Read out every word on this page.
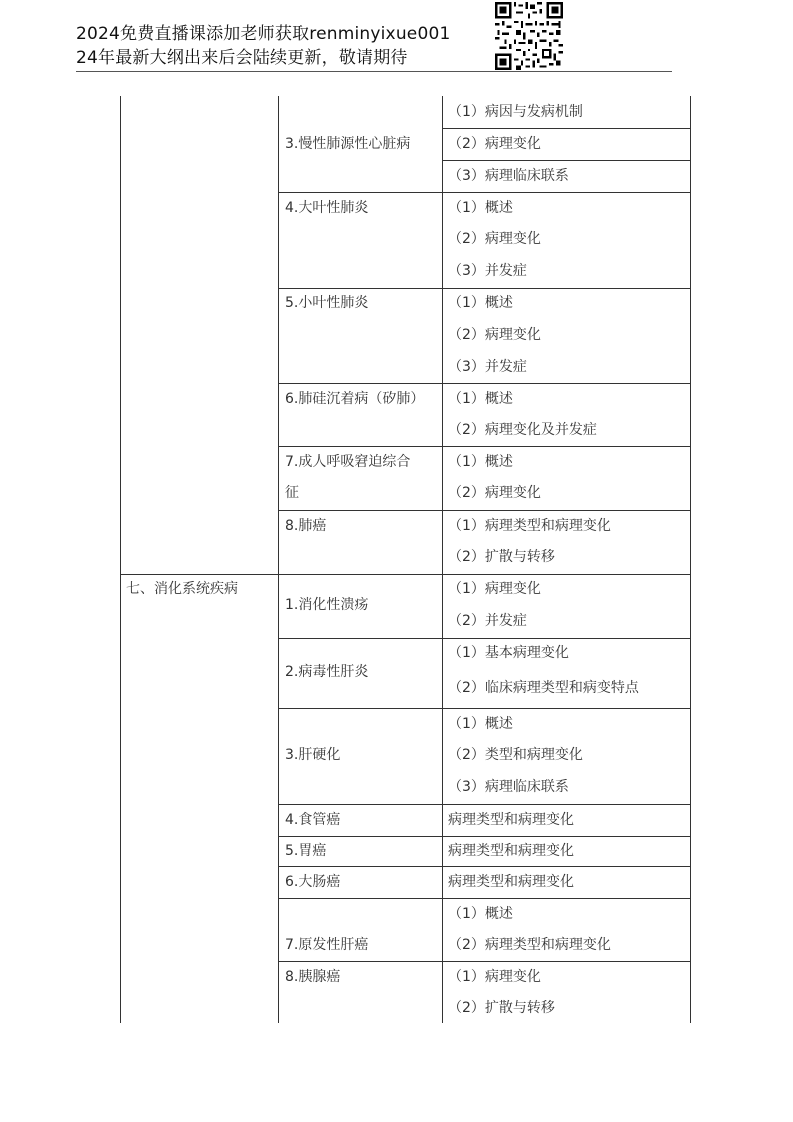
2024免费直播课添加老师获取renminyixue001
24年最新大纲出来后会陆续更新，敬请期待
七、消化系统疾病
3.慢性肺源性心脏病
4.大叶性肺炎
5.小叶性肺炎
6.肺硅沉着病（矽肺）
7.成人呼吸窘迫综合
征
8.肺癌
1.消化性溃疡
2.病毒性肝炎
3.肝硬化
4.食管癌
5.胃癌
6.大肠癌
7.原发性肝癌
8.胰腺癌
（1）病因与发病机制
（2）病理变化
（3）病理临床联系
（1）概述
（2）病理变化
（3）并发症
（1）概述
（2）病理变化
（3）并发症
（1）概述
（2）病理变化及并发症
（1）概述
（2）病理变化
（1）病理类型和病理变化
（2）扩散与转移
（1）病理变化
（2）并发症
（1）基本病理变化
（2）临床病理类型和病变特点
（1）概述
（2）类型和病理变化
（3）病理临床联系
病理类型和病理变化
病理类型和病理变化
病理类型和病理变化
（1）概述
（2）病理类型和病理变化
（1）病理变化
（2）扩散与转移
